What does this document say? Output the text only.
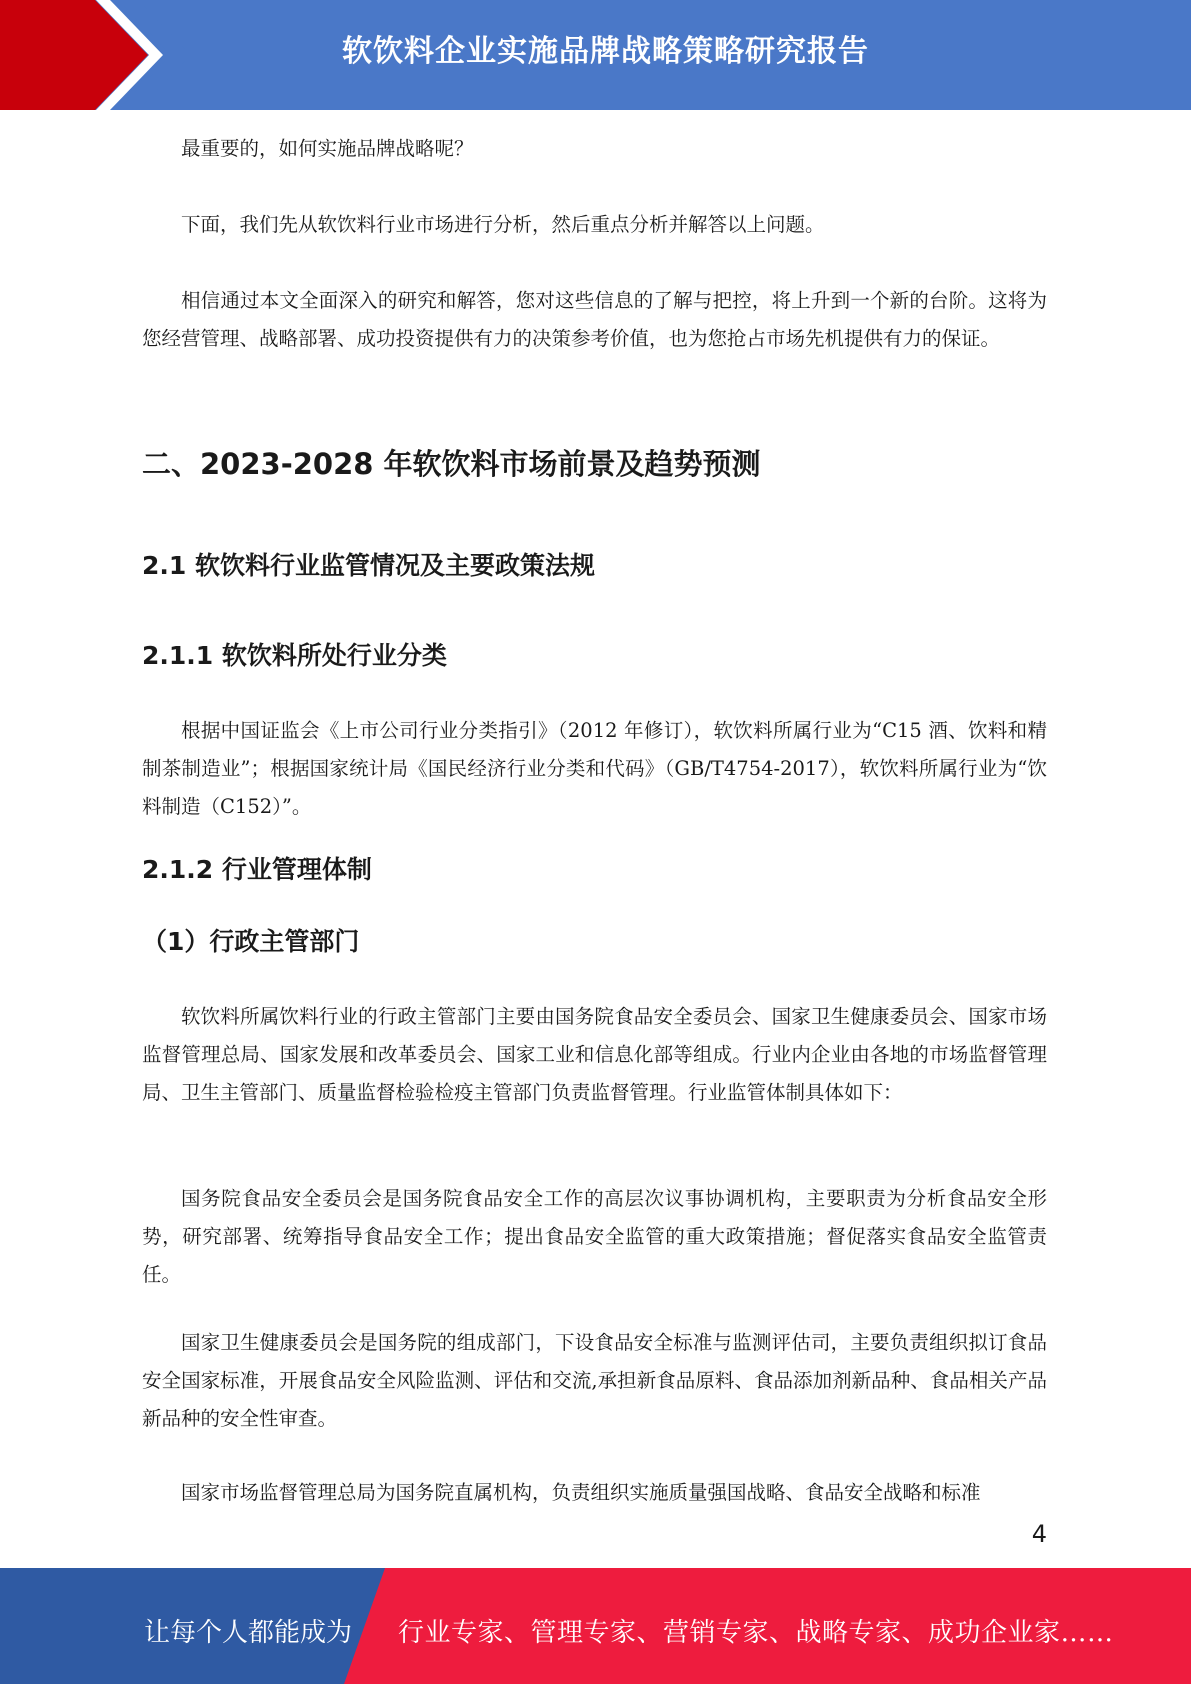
软饮料企业实施品牌战略策略研究报告

最重要的，如何实施品牌战略呢？

下面，我们先从软饮料行业市场进行分析，然后重点分析并解答以上问题。

相信通过本文全面深入的研究和解答，您对这些信息的了解与把控，将上升到一个新的台阶。这将为您经营管理、战略部署、成功投资提供有力的决策参考价值，也为您抢占市场先机提供有力的保证。

二、2023-2028 年软饮料市场前景及趋势预测
2.1 软饮料行业监管情况及主要政策法规
2.1.1 软饮料所处行业分类

根据中国证监会《上市公司行业分类指引》（2012 年修订），软饮料所属行业为“C15 酒、饮料和精制茶制造业”；根据国家统计局《国民经济行业分类和代码》（GB/T4754-2017），软饮料所属行业为“饮料制造（C152）”。

2.1.2 行业管理体制
（1）行政主管部门

软饮料所属饮料行业的行政主管部门主要由国务院食品安全委员会、国家卫生健康委员会、国家市场监督管理总局、国家发展和改革委员会、国家工业和信息化部等组成。行业内企业由各地的市场监督管理局、卫生主管部门、质量监督检验检疫主管部门负责监督管理。行业监管体制具体如下：

国务院食品安全委员会是国务院食品安全工作的高层次议事协调机构，主要职责为分析食品安全形势，研究部署、统筹指导食品安全工作；提出食品安全监管的重大政策措施；督促落实食品安全监管责任。

国家卫生健康委员会是国务院的组成部门，下设食品安全标准与监测评估司，主要负责组织拟订食品安全国家标准，开展食品安全风险监测、评估和交流,承担新食品原料、食品添加剂新品种、食品相关产品新品种的安全性审查。

国家市场监督管理总局为国务院直属机构，负责组织实施质量强国战略、食品安全战略和标准

4
让每个人都能成为 行业专家、管理专家、营销专家、战略专家、成功企业家……
